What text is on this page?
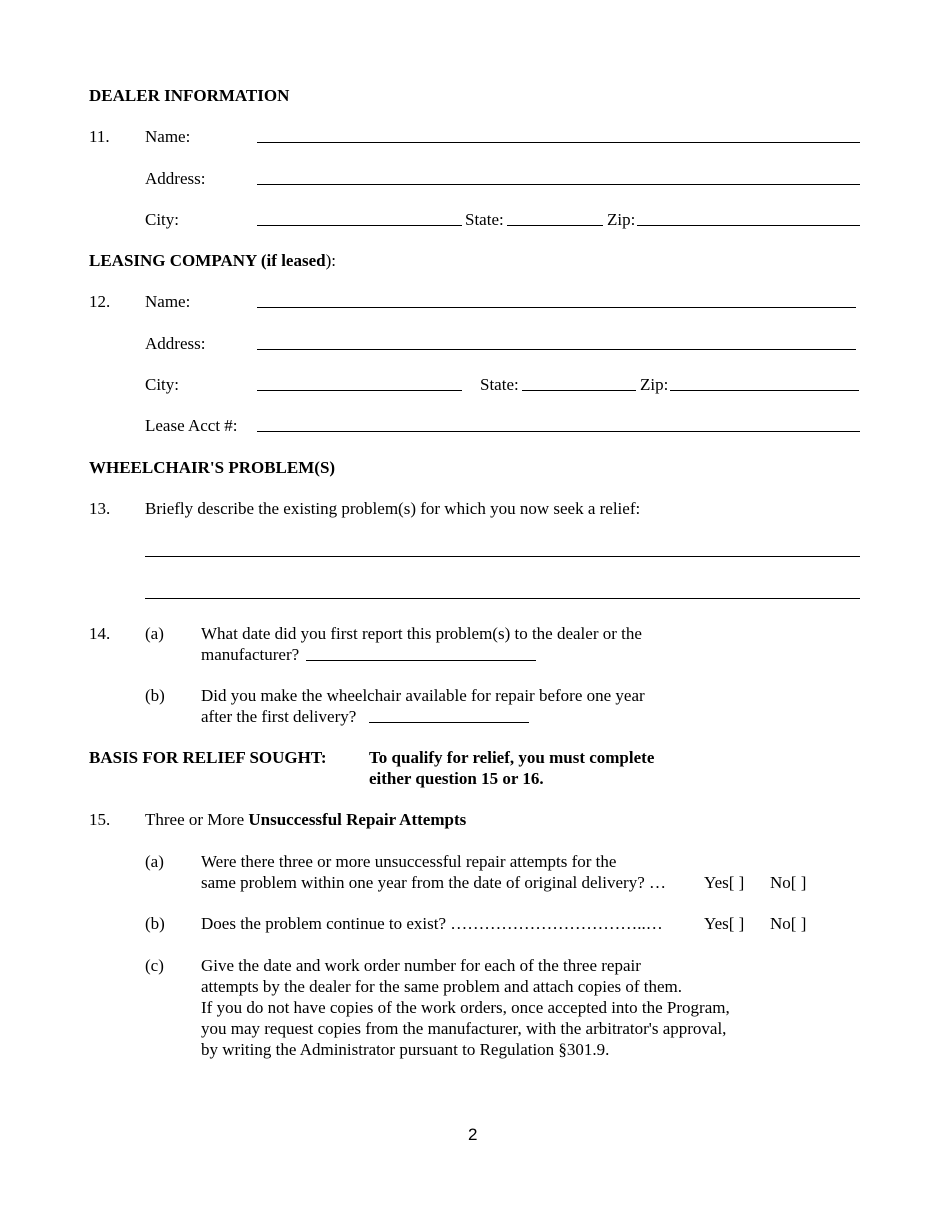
DEALER INFORMATION
11. Name:
Address:
City:	State:	Zip:
LEASING COMPANY (if leased):
12. Name:
Address:
City:	State:	Zip:
Lease Acct #:
WHEELCHAIR'S PROBLEM(S)
13. Briefly describe the existing problem(s) for which you now seek a relief:
14. (a) What date did you first report this problem(s) to the dealer or the
manufacturer?
(b) Did you make the wheelchair available for repair before one year
after the first delivery?
BASIS FOR RELIEF SOUGHT: To qualify for relief, you must complete
either question 15 or 16.
15. Three or More Unsuccessful Repair Attempts
(a) Were there three or more unsuccessful repair attempts for the
same problem within one year from the date of original delivery? … Yes[ ] No[ ]
(b) Does the problem continue to exist? ……………………………..… Yes[ ] No[ ]
(c) Give the date and work order number for each of the three repair
attempts by the dealer for the same problem and attach copies of them.
If you do not have copies of the work orders, once accepted into the Program,
you may request copies from the manufacturer, with the arbitrator's approval,
by writing the Administrator pursuant to Regulation §301.9.
2
